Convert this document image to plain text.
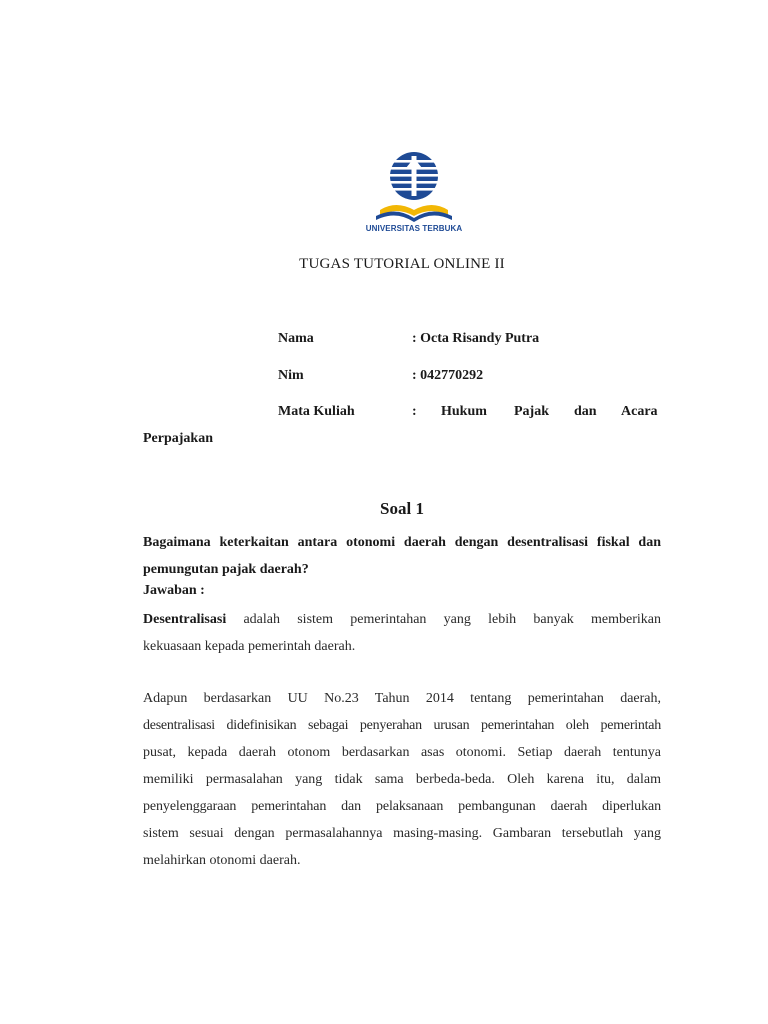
UNIVERSITAS TERBUKA
TUGAS TUTORIAL ONLINE II
Nama	: Octa Risandy Putra
Nim	: 042770292
Mata Kuliah	: Hukum Pajak dan Acara
Perpajakan
Soal 1
Bagaimana keterkaitan antara otonomi daerah dengan desentralisasi fiskal dan pemungutan pajak daerah?
Jawaban :
Desentralisasi adalah sistem pemerintahan yang lebih banyak memberikan
kekuasaan kepada pemerintah daerah.
Adapun berdasarkan UU No.23 Tahun 2014 tentang pemerintahan daerah,
desentralisasi didefinisikan sebagai penyerahan urusan pemerintahan oleh pemerintah
pusat, kepada daerah otonom berdasarkan asas otonomi. Setiap daerah tentunya
memiliki permasalahan yang tidak sama berbeda-beda. Oleh karena itu, dalam
penyelenggaraan pemerintahan dan pelaksanaan pembangunan daerah diperlukan
sistem sesuai dengan permasalahannya masing-masing. Gambaran tersebutlah yang
melahirkan otonomi daerah.
